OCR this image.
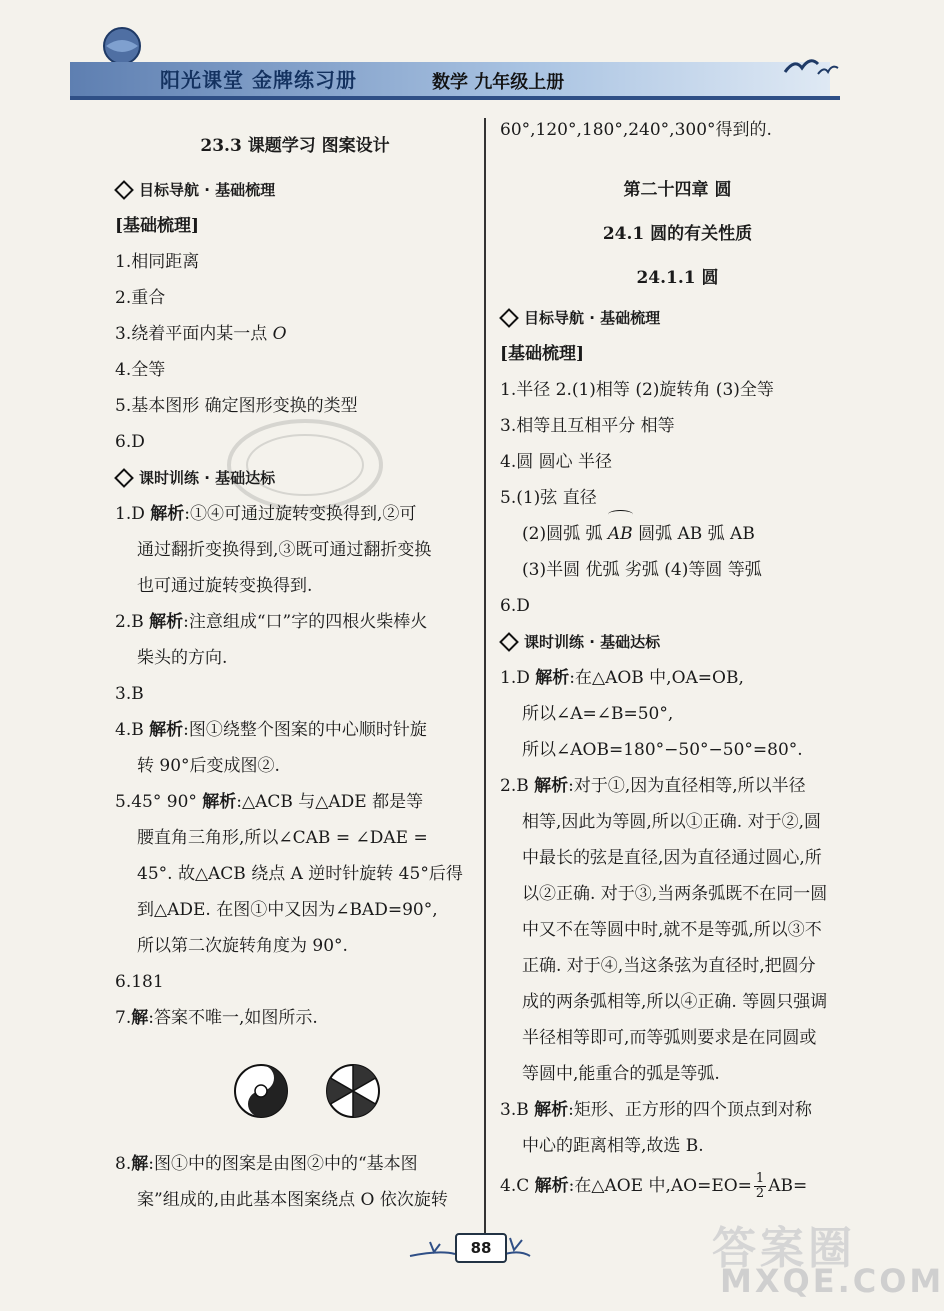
阳光课堂 金牌练习册	数学 九年级上册
23.3 课题学习 图案设计
目标导航 · 基础梳理
[基础梳理]
1.相同距离
2.重合
3.绕着平面内某一点 O
4.全等
5.基本图形 确定图形变换的类型
6.D
课时训练 · 基础达标
1.D 解析:①④可通过旋转变换得到,②可
通过翻折变换得到,③既可通过翻折变换
也可通过旋转变换得到.
2.B 解析:注意组成“口”字的四根火柴棒火
柴头的方向.
3.B
4.B 解析:图①绕整个图案的中心顺时针旋
转 90°后变成图②.
5.45° 90° 解析:△ACB 与△ADE 都是等
腰直角三角形,所以∠CAB = ∠DAE =
45°. 故△ACB 绕点 A 逆时针旋转 45°后得
到△ADE. 在图①中又因为∠BAD=90°,
所以第二次旋转角度为 90°.
6.181
7.解:答案不唯一,如图所示.
8.解:图①中的图案是由图②中的“基本图
案”组成的,由此基本图案绕点 O 依次旋转
60°,120°,180°,240°,300°得到的.
第二十四章 圆
24.1 圆的有关性质
24.1.1 圆
目标导航 · 基础梳理
[基础梳理]
1.半径 2.(1)相等 (2)旋转角 (3)全等
3.相等且互相平分 相等
4.圆 圆心 半径
5.(1)弦 直径
(2)圆弧 弧 AB 圆弧 AB 弧 AB
(3)半圆 优弧 劣弧 (4)等圆 等弧
6.D
课时训练 · 基础达标
1.D 解析:在△AOB 中,OA=OB,
所以∠A=∠B=50°,
所以∠AOB=180°−50°−50°=80°.
2.B 解析:对于①,因为直径相等,所以半径
相等,因此为等圆,所以①正确. 对于②,圆
中最长的弦是直径,因为直径通过圆心,所
以②正确. 对于③,当两条弧既不在同一圆
中又不在等圆中时,就不是等弧,所以③不
正确. 对于④,当这条弦为直径时,把圆分
成的两条弧相等,所以④正确. 等圆只强调
半径相等即可,而等弧则要求是在同圆或
等圆中,能重合的弧是等弧.
3.B 解析:矩形、正方形的四个顶点到对称
中心的距离相等,故选 B.
4.C 解析:在△AOE 中$,AO=EO= \frac{1}{2} AB=$
88	答案圈
MXQE.COM
